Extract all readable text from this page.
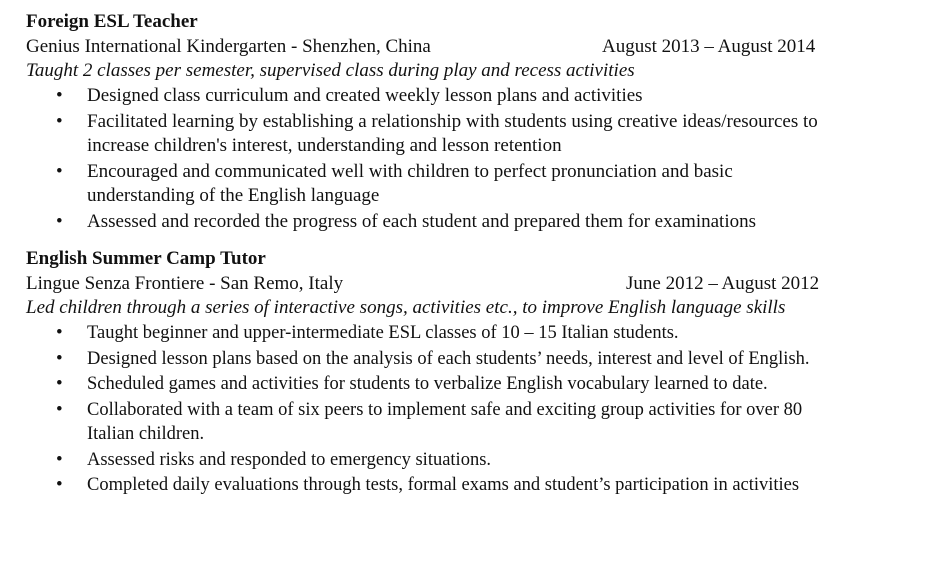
Foreign ESL Teacher

Genius International Kindergarten - Shenzhen, China	August 2013 – August 2014

Taught 2 classes per semester, supervised class during play and recess activities

•
Designed class curriculum and created weekly lesson plans and activities
•
Facilitated learning by establishing a relationship with students using creative ideas/resources to increase children's interest, understanding and lesson retention
•
Encouraged and communicated well with children to perfect pronunciation and basic understanding of the English language
•
Assessed and recorded the progress of each student and prepared them for examinations

English Summer Camp Tutor

Lingue Senza Frontiere - San Remo, Italy	June 2012 – August 2012

Led children through a series of interactive songs, activities etc., to improve English language skills

•
Taught beginner and upper-intermediate ESL classes of 10 – 15 Italian students.
•
Designed lesson plans based on the analysis of each students’ needs, interest and level of English.
•
Scheduled games and activities for students to verbalize English vocabulary learned to date.
•
Collaborated with a team of six peers to implement safe and exciting group activities for over 80 Italian children.
•
Assessed risks and responded to emergency situations.
•
Completed daily evaluations through tests, formal exams and student’s participation in activities
